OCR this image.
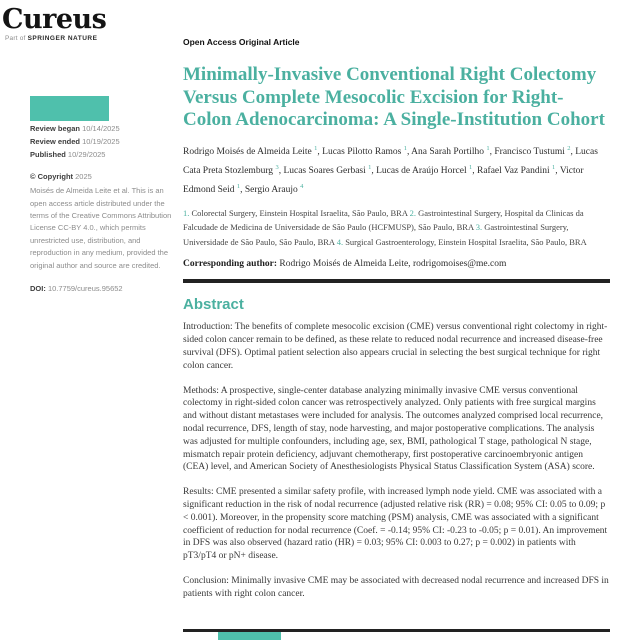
Cureus
Part of SPRINGER NATURE
Review began 10/14/2025
Review ended 10/19/2025
Published 10/29/2025
© Copyright 2025
Moisés de Almeida Leite et al. This is an open access article distributed under the terms of the Creative Commons Attribution License CC-BY 4.0., which permits unrestricted use, distribution, and reproduction in any medium, provided the original author and source are credited.
DOI: 10.7759/cureus.95652
Open Access Original Article
Minimally-Invasive Conventional Right Colectomy Versus Complete Mesocolic Excision for Right-Colon Adenocarcinoma: A Single-Institution Cohort
Rodrigo Moisés de Almeida Leite $^1$, Lucas Pilotto Ramos $^1$, Ana Sarah Portilho $^1$, Francisco Tustumi $^2$, Lucas Cata Preta Stozlemburg $^3$, Lucas Soares Gerbasi $^1$, Lucas de Araújo Horcel $^1$, Rafael Vaz Pandini $^1$, Victor Edmond Seid $^1$, Sergio Araujo $^4$
1. Colorectal Surgery, Einstein Hospital Israelita, São Paulo, BRA 2. Gastrointestinal Surgery, Hospital da Clinicas da Falcudade de Medicina de Universidade de São Paulo (HCFMUSP), São Paulo, BRA 3. Gastrointestinal Surgery, Universidade de São Paulo, São Paulo, BRA 4. Surgical Gastroenterology, Einstein Hospital Israelita, São Paulo, BRA
Corresponding author: Rodrigo Moisés de Almeida Leite, rodrigomoises@me.com
Abstract

Introduction: The benefits of complete mesocolic excision (CME) versus conventional right colectomy in right-sided colon cancer remain to be defined, as these relate to reduced nodal recurrence and increased disease-free survival (DFS). Optimal patient selection also appears crucial in selecting the best surgical technique for right colon cancer.

Methods: A prospective, single-center database analyzing minimally invasive CME versus conventional colectomy in right-sided colon cancer was retrospectively analyzed. Only patients with free surgical margins and without distant metastases were included for analysis. The outcomes analyzed comprised local recurrence, nodal recurrence, DFS, length of stay, node harvesting, and major postoperative complications. The analysis was adjusted for multiple confounders, including age, sex, BMI, pathological T stage, pathological N stage, mismatch repair protein deficiency, adjuvant chemotherapy, first postoperative carcinoembryonic antigen (CEA) level, and American Society of Anesthesiologists Physical Status Classification System (ASA) score.

Results: CME presented a similar safety profile, with increased lymph node yield. CME was associated with a significant reduction in the risk of nodal recurrence (adjusted relative risk (RR) = 0.08; 95% CI: 0.05 to 0.09; p < 0.001). Moreover, in the propensity score matching (PSM) analysis, CME was associated with a significant coefficient of reduction for nodal recurrence (Coef. = -0.14; 95% CI: -0.23 to -0.05; p = 0.01). An improvement in DFS was also observed (hazard ratio (HR) = 0.03; 95% CI: 0.003 to 0.27; p = 0.002) in patients with pT3/pT4 or pN+ disease.

Conclusion: Minimally invasive CME may be associated with decreased nodal recurrence and increased DFS in patients with right colon cancer.
